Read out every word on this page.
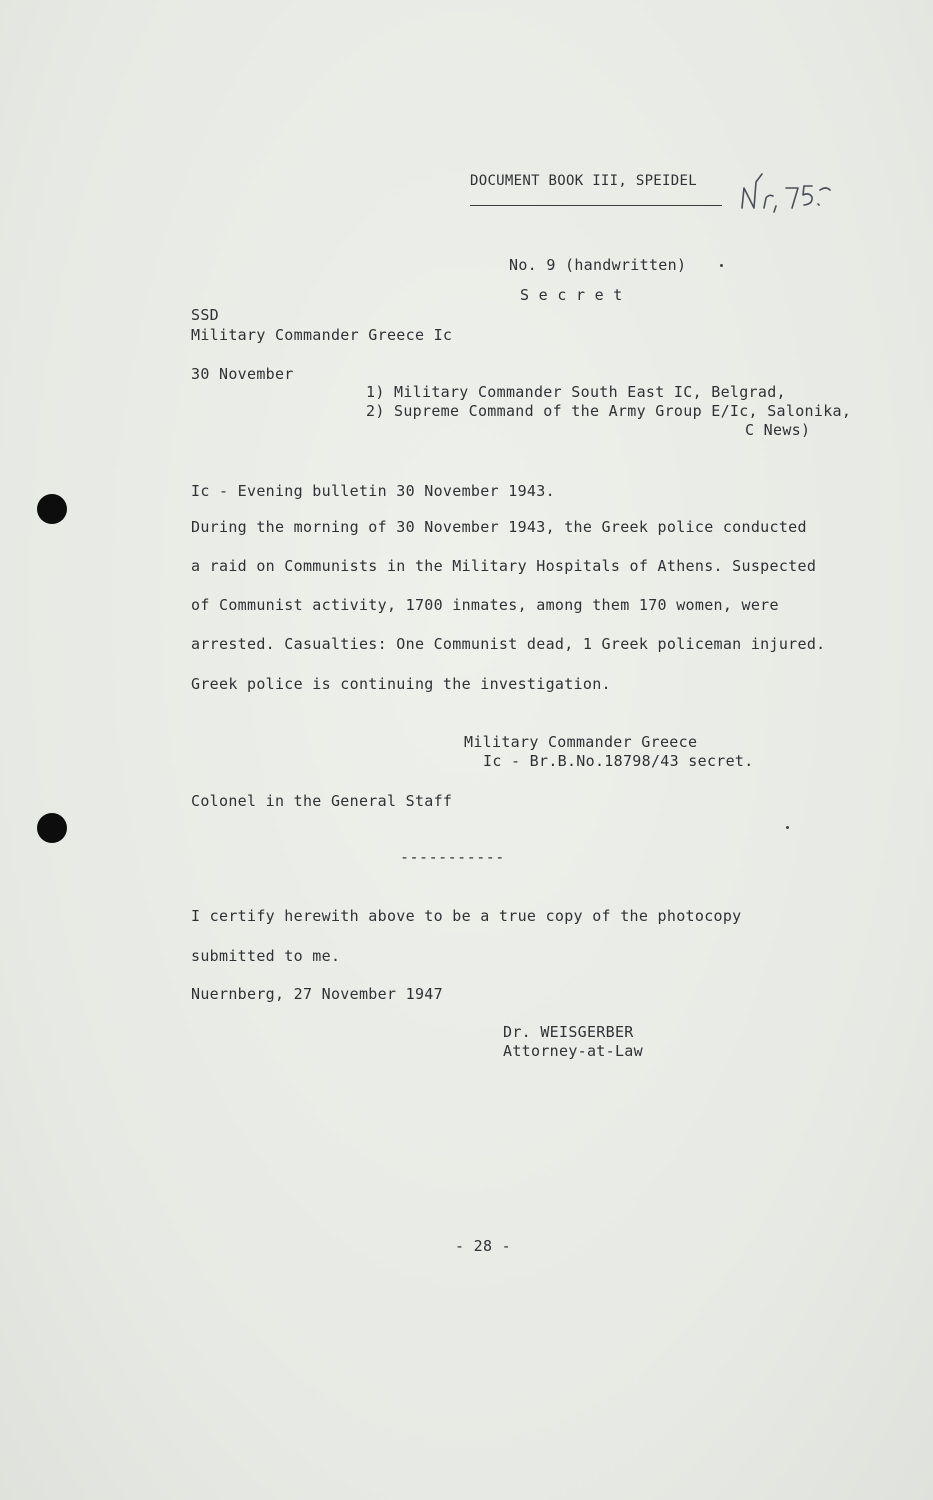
DOCUMENT BOOK III, SPEIDEL
No. 9 (handwritten)
S e c r e t
SSD
Military Commander Greece Ic
30 November
1) Military Commander South East IC, Belgrad,
2) Supreme Command of the Army Group E/Ic, Salonika,
C News)
Ic - Evening bulletin 30 November 1943.
During the morning of 30 November 1943, the Greek police conducted
a raid on Communists in the Military Hospitals of Athens. Suspected
of Communist activity, 1700 inmates, among them 170 women, were
arrested. Casualties: One Communist dead, 1 Greek policeman injured.
Greek police is continuing the investigation.
Military Commander Greece
Ic - Br.B.No.18798/43 secret.
Colonel in the General Staff
-----------
I certify herewith above to be a true copy of the photocopy
submitted to me.
Nuernberg, 27 November 1947
Dr. WEISGERBER
Attorney-at-Law
- 28 -
